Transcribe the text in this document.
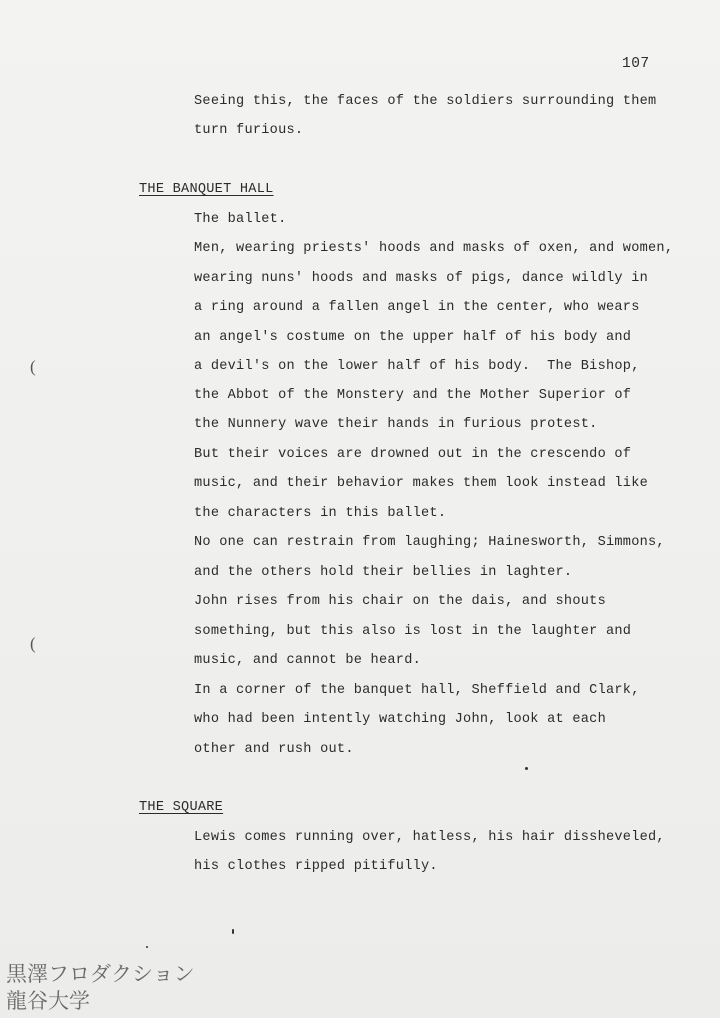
107
Seeing this, the faces of the soldiers surrounding them
turn furious.
THE BANQUET HALL
The ballet.
Men, wearing priests' hoods and masks of oxen, and women,
wearing nuns' hoods and masks of pigs, dance wildly in
a ring around a fallen angel in the center, who wears
an angel's costume on the upper half of his body and
a devil's on the lower half of his body.  The Bishop,
the Abbot of the Monstery and the Mother Superior of
the Nunnery wave their hands in furious protest.
But their voices are drowned out in the crescendo of
music, and their behavior makes them look instead like
the characters in this ballet.
No one can restrain from laughing; Hainesworth, Simmons,
and the others hold their bellies in laghter.
John rises from his chair on the dais, and shouts
something, but this also is lost in the laughter and
music, and cannot be heard.
In a corner of the banquet hall, Sheffield and Clark,
who had been intently watching John, look at each
other and rush out.
THE SQUARE
Lewis comes running over, hatless, his hair dissheveled,
his clothes ripped pitifully.
(
(
黒澤フロダクション
龍谷大学
